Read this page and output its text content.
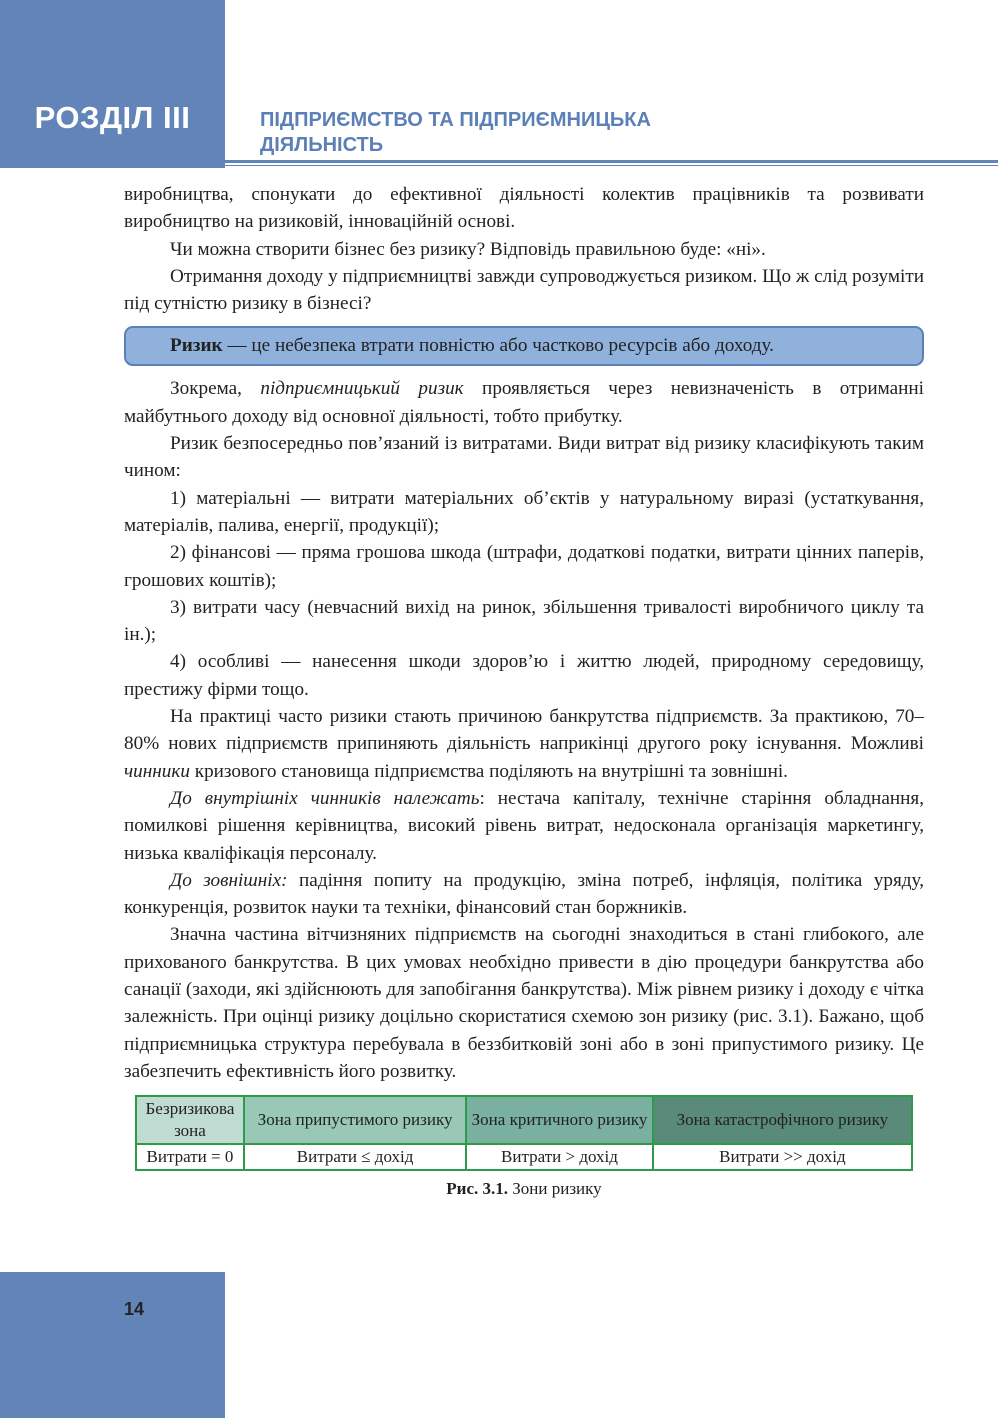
РОЗДІЛ ІІІ	ПІДПРИЄМСТВО ТА ПІДПРИЄМНИЦЬКА
ДІЯЛЬНІСТЬ

виробництва, спонукати до ефективної діяльності колектив працівників та розвивати виробництво на ризиковій, інноваційній основі.

Чи можна створити бізнес без ризику? Відповідь правильною буде: «ні».

Отримання доходу у підприємництві завжди супроводжується ризиком. Що ж слід розуміти під сутністю ризику в бізнесі?

Ризик — це небезпека втрати повністю або частково ресурсів або доходу.

Зокрема, підприємницький ризик проявляється через невизначеність в отриманні майбутнього доходу від основної діяльності, тобто прибутку.

Ризик безпосередньо пов’язаний із витратами. Види витрат від ризику класифікують таким чином:

1) матеріальні — витрати матеріальних об’єктів у натуральному виразі (устаткування, матеріалів, палива, енергії, продукції);

2) фінансові — пряма грошова шкода (штрафи, додаткові податки, витрати цінних паперів, грошових коштів);

3) витрати часу (невчасний вихід на ринок, збільшення тривалості виробничого циклу та ін.);

4) особливі — нанесення шкоди здоров’ю і життю людей, природному середовищу, престижу фірми тощо.

На практиці часто ризики стають причиною банкрутства підприємств. За практикою, 70–80% нових підприємств припиняють діяльність наприкінці другого року існування. Можливі чинники кризового становища підприємства поділяють на внутрішні та зовнішні.

До внутрішніх чинників належать: нестача капіталу, технічне старіння обладнання, помилкові рішення керівництва, високий рівень витрат, недосконала організація маркетингу, низька кваліфікація персоналу.

До зовнішніх: падіння попиту на продукцію, зміна потреб, інфляція, політика уряду, конкуренція, розвиток науки та техніки, фінансовий стан боржників.

Значна частина вітчизняних підприємств на сьогодні знаходиться в стані глибокого, але прихованого банкрутства. В цих умовах необхідно привести в дію процедури банкрутства або санації (заходи, які здійснюють для запобігання банкрутства). Між рівнем ризику і доходу є чітка залежність. При оцінці ризику доцільно скористатися схемою зон ризику (рис. 3.1). Бажано, щоб підприємницька структура перебувала в беззбитковій зоні або в зоні припустимого ризику. Це забезпечить ефективність його розвитку.

Безризикова зона	Зона припустимого ризику	Зона критичного ризику	Зона катастрофічного ризику
Витрати = 0	Витрати ≤ дохід	Витрати > дохід	Витрати >> дохід
Рис. 3.1. Зони ризику
14
